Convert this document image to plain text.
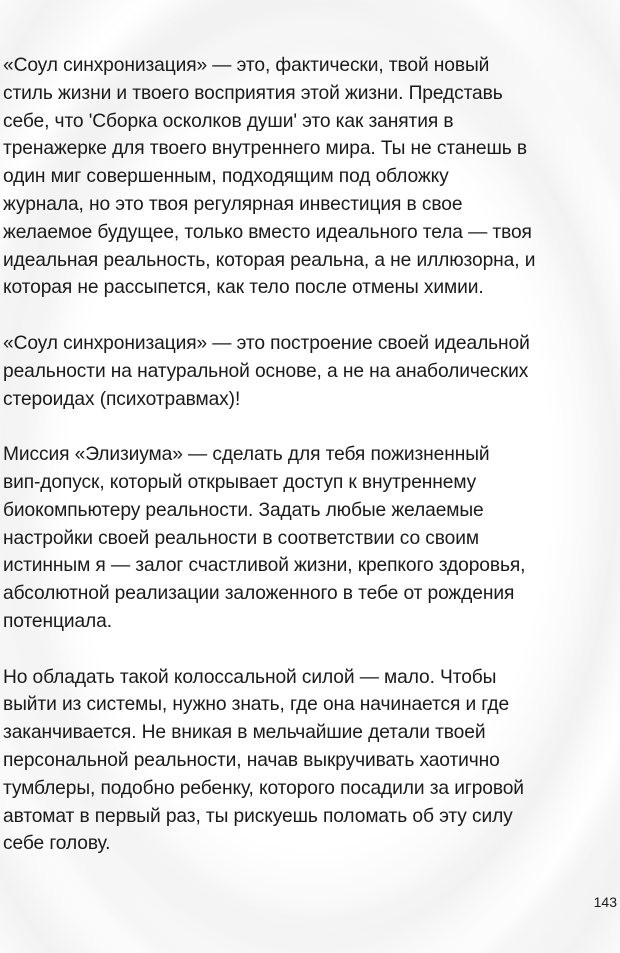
«Соул синхронизация» — это, фактически, твой новый
стиль жизни и твоего восприятия этой жизни. Представь
себе, что 'Сборка осколков души' это как занятия в
тренажерке для твоего внутреннего мира. Ты не станешь в
один миг совершенным, подходящим под обложку
журнала, но это твоя регулярная инвестиция в свое
желаемое будущее, только вместо идеального тела — твоя
идеальная реальность, которая реальна, а не иллюзорна, и
которая не рассыпется, как тело после отмены химии.

«Соул синхронизация» — это построение своей идеальной
реальности на натуральной основе, а не на анаболических
стероидах (психотравмах)!

Миссия «Элизиума» — сделать для тебя пожизненный
вип-допуск, который открывает доступ к внутреннему
биокомпьютеру реальности. Задать любые желаемые
настройки своей реальности в соответствии со своим
истинным я — залог счастливой жизни, крепкого здоровья,
абсолютной реализации заложенного в тебе от рождения
потенциала.

Но обладать такой колоссальной силой — мало. Чтобы
выйти из системы, нужно знать, где она начинается и где
заканчивается. Не вникая в мельчайшие детали твоей
персональной реальности, начав выкручивать хаотично
тумблеры, подобно ребенку, которого посадили за игровой
автомат в первый раз, ты рискуешь поломать об эту силу
себе голову.

143
